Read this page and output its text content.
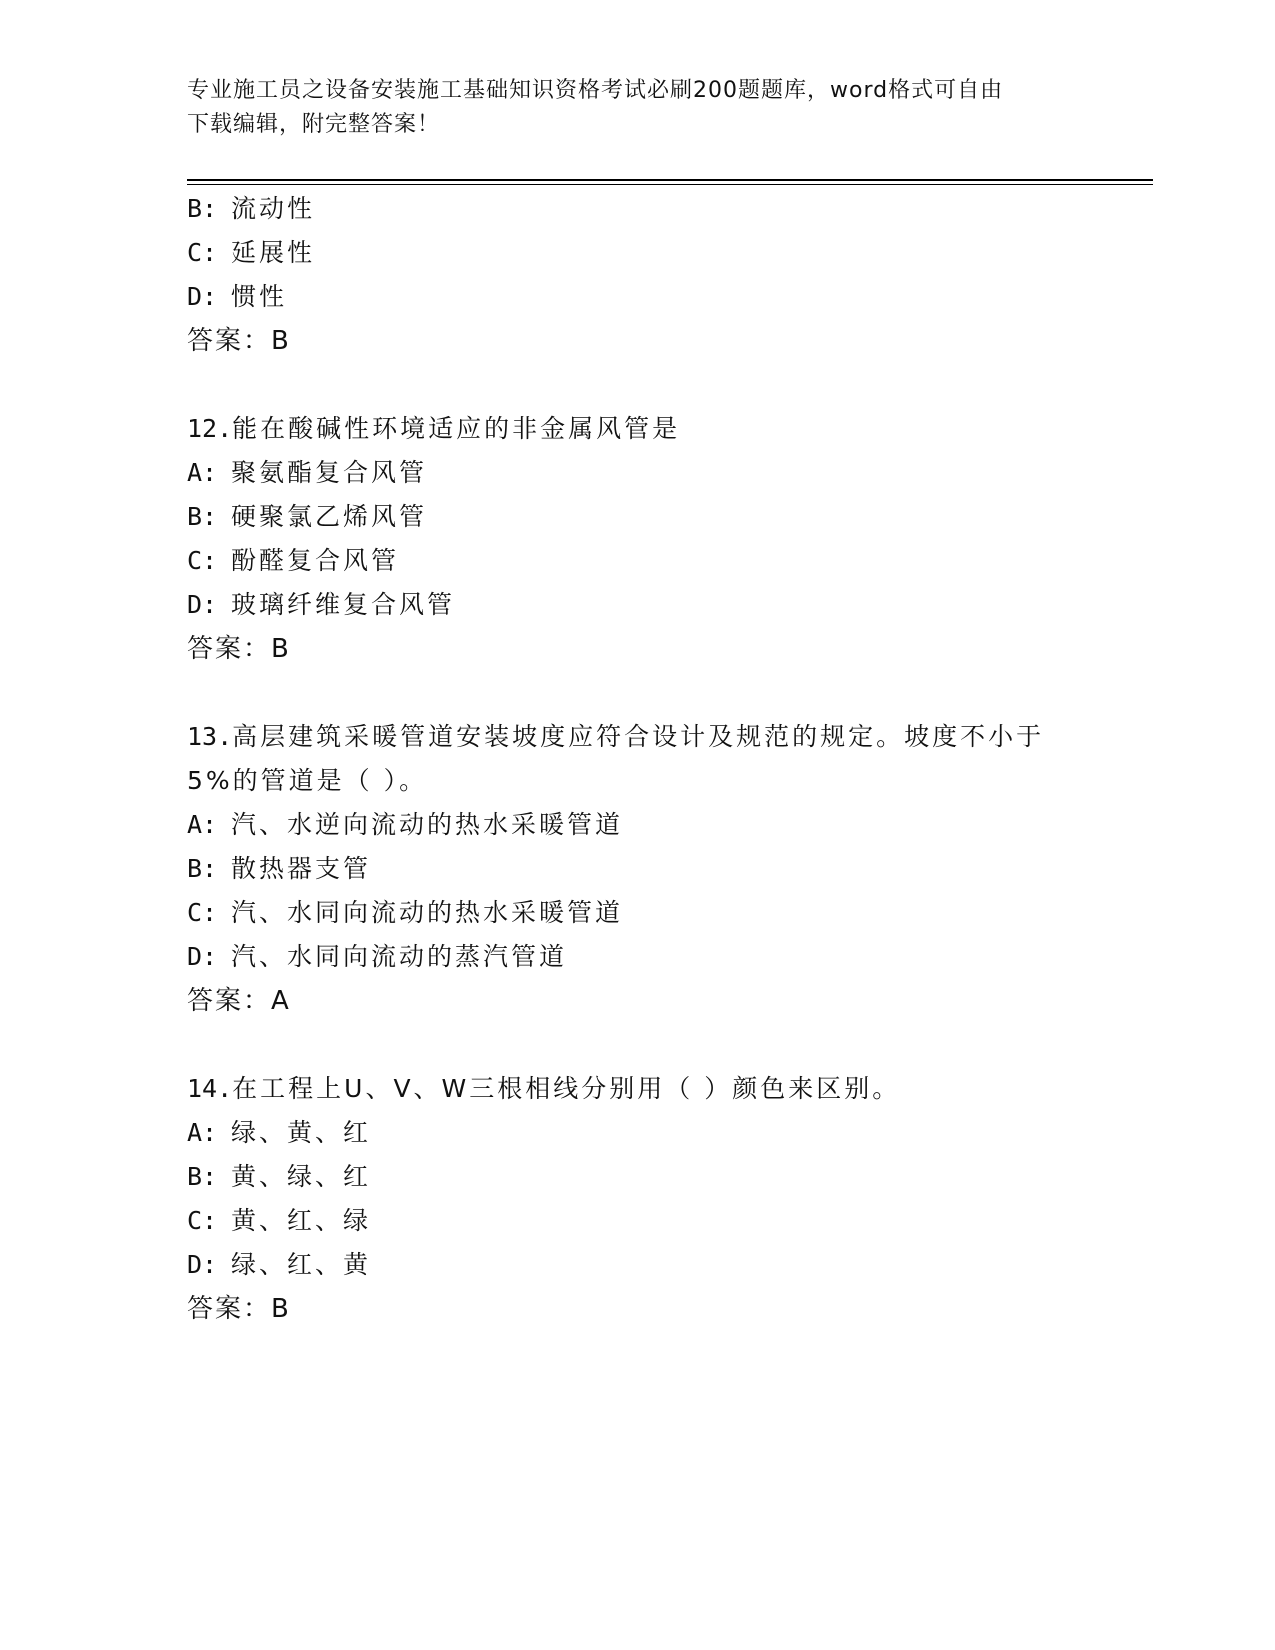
专业施工员之设备安装施工基础知识资格考试必刷200题题库，word格式可自由
下载编辑，附完整答案！

B: 流动性

C: 延展性

D: 惯性

答案：B

12.能在酸碱性环境适应的非金属风管是

A: 聚氨酯复合风管

B: 硬聚氯乙烯风管

C: 酚醛复合风管

D: 玻璃纤维复合风管

答案：B

13.高层建筑采暖管道安装坡度应符合设计及规范的规定。坡度不小于

5%的管道是（ ）。

A: 汽、水逆向流动的热水采暖管道

B: 散热器支管

C: 汽、水同向流动的热水采暖管道

D: 汽、水同向流动的蒸汽管道

答案：A

14.在工程上U、V、W三根相线分别用（ ）颜色来区别。

A: 绿、黄、红

B: 黄、绿、红

C: 黄、红、绿

D: 绿、红、黄

答案：B
